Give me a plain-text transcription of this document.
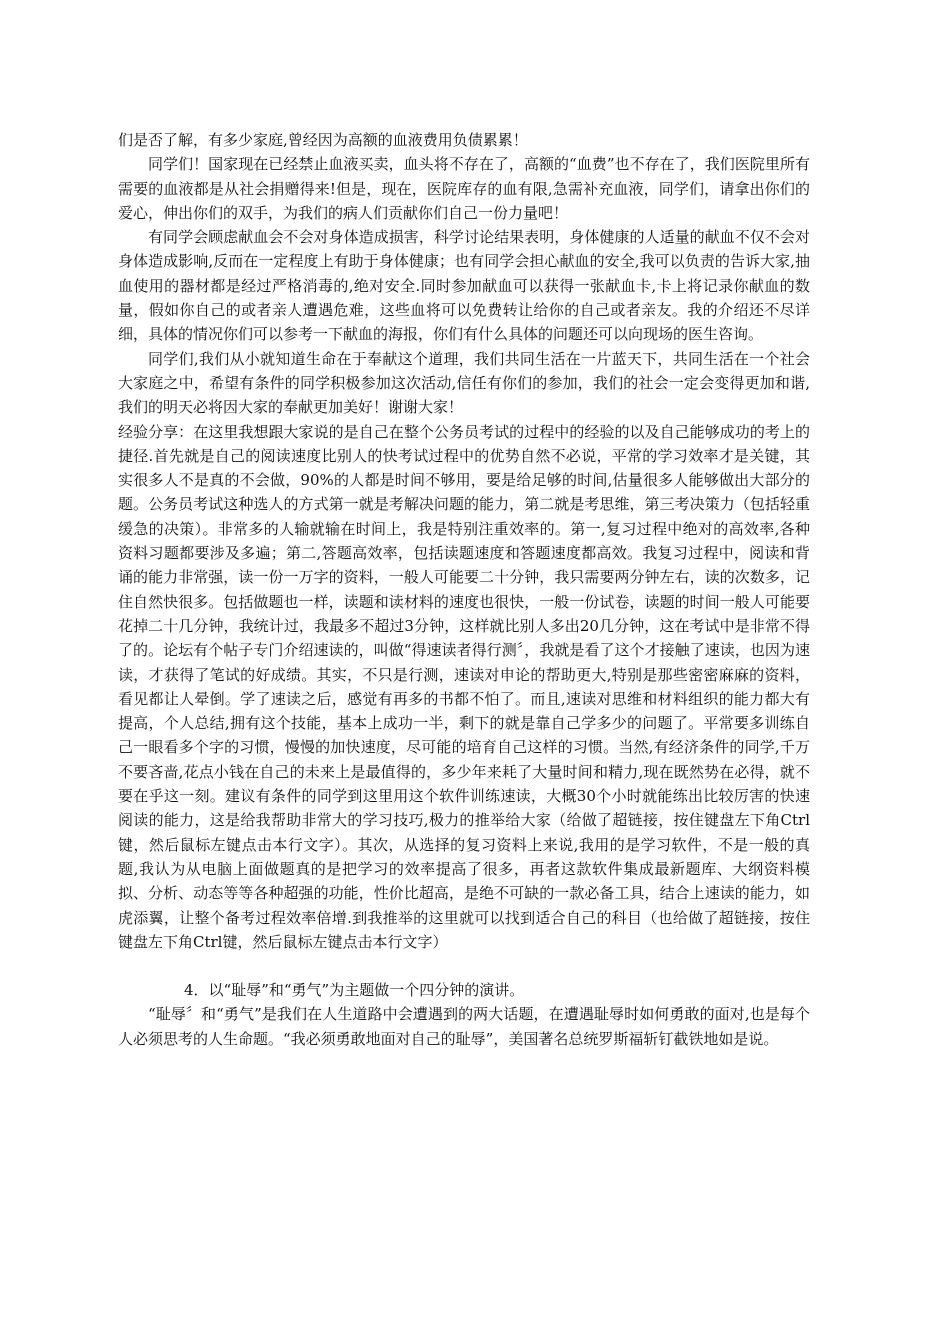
们是否了解，有多少家庭,曾经因为高额的血液费用负债累累！

同学们！国家现在已经禁止血液买卖，血头将不存在了，高额的“血费”也不存在了，我们医院里所有需要的血液都是从社会捐赠得来!但是，现在，医院库存的血有限,急需补充血液，同学们，请拿出你们的爱心，伸出你们的双手，为我们的病人们贡献你们自己一份力量吧！

有同学会顾虑献血会不会对身体造成损害，科学讨论结果表明，身体健康的人适量的献血不仅不会对身体造成影响,反而在一定程度上有助于身体健康；也有同学会担心献血的安全,我可以负责的告诉大家,抽血使用的器材都是经过严格消毒的,绝对安全.同时参加献血可以获得一张献血卡,卡上将记录你献血的数量，假如你自己的或者亲人遭遇危难，这些血将可以免费转让给你的自己或者亲友。我的介绍还不尽详细，具体的情况你们可以参考一下献血的海报，你们有什么具体的问题还可以向现场的医生咨询。

同学们,我们从小就知道生命在于奉献这个道理，我们共同生活在一片蓝天下，共同生活在一个社会大家庭之中，希望有条件的同学积极参加这次活动,信任有你们的参加，我们的社会一定会变得更加和谐,我们的明天必将因大家的奉献更加美好！谢谢大家！

经验分享：在这里我想跟大家说的是自己在整个公务员考试的过程中的经验的以及自己能够成功的考上的捷径.首先就是自己的阅读速度比别人的快考试过程中的优势自然不必说，平常的学习效率才是关键，其实很多人不是真的不会做，90%的人都是时间不够用，要是给足够的时间,估量很多人能够做出大部分的题。公务员考试这种选人的方式第一就是考解决问题的能力，第二就是考思维，第三考决策力（包括轻重缓急的决策）。非常多的人输就输在时间上，我是特别注重效率的。第一,复习过程中绝对的高效率,各种资料习题都要涉及多遍；第二,答题高效率，包括读题速度和答题速度都高效。我复习过程中，阅读和背诵的能力非常强，读一份一万字的资料，一般人可能要二十分钟，我只需要两分钟左右，读的次数多，记住自然快很多。包括做题也一样，读题和读材料的速度也很快，一般一份试卷，读题的时间一般人可能要花掉二十几分钟，我统计过，我最多不超过3分钟，这样就比别人多出20几分钟，这在考试中是非常不得了的。论坛有个帖子专门介绍速读的，叫做“得速读者得行测〞，我就是看了这个才接触了速读，也因为速读，才获得了笔试的好成绩。其实，不只是行测，速读对申论的帮助更大,特别是那些密密麻麻的资料，看见都让人晕倒。学了速读之后，感觉有再多的书都不怕了。而且,速读对思维和材料组织的能力都大有提高，个人总结,拥有这个技能，基本上成功一半，剩下的就是靠自己学多少的问题了。平常要多训练自己一眼看多个字的习惯，慢慢的加快速度，尽可能的培育自己这样的习惯。当然,有经济条件的同学,千万不要吝啬,花点小钱在自己的未来上是最值得的，多少年来耗了大量时间和精力,现在既然势在必得，就不要在乎这一刻。建议有条件的同学到这里用这个软件训练速读，大概30个小时就能练出比较厉害的快速阅读的能力，这是给我帮助非常大的学习技巧,极力的推举给大家（给做了超链接，按住键盘左下角Ctrl键，然后鼠标左键点击本行文字）。其次，从选择的复习资料上来说,我用的是学习软件，不是一般的真题,我认为从电脑上面做题真的是把学习的效率提高了很多，再者这款软件集成最新题库、大纲资料模拟、分析、动态等等各种超强的功能，性价比超高，是绝不可缺的一款必备工具，结合上速读的能力，如虎添翼，让整个备考过程效率倍增.到我推举的这里就可以找到适合自己的科目（也给做了超链接，按住键盘左下角Ctrl键，然后鼠标左键点击本行文字）

4．以“耻辱”和“勇气”为主题做一个四分钟的演讲。

“耻辱〞和“勇气”是我们在人生道路中会遭遇到的两大话题，在遭遇耻辱时如何勇敢的面对,也是每个人必须思考的人生命题。“我必须勇敢地面对自己的耻辱”，美国著名总统罗斯福斩钉截铁地如是说。
